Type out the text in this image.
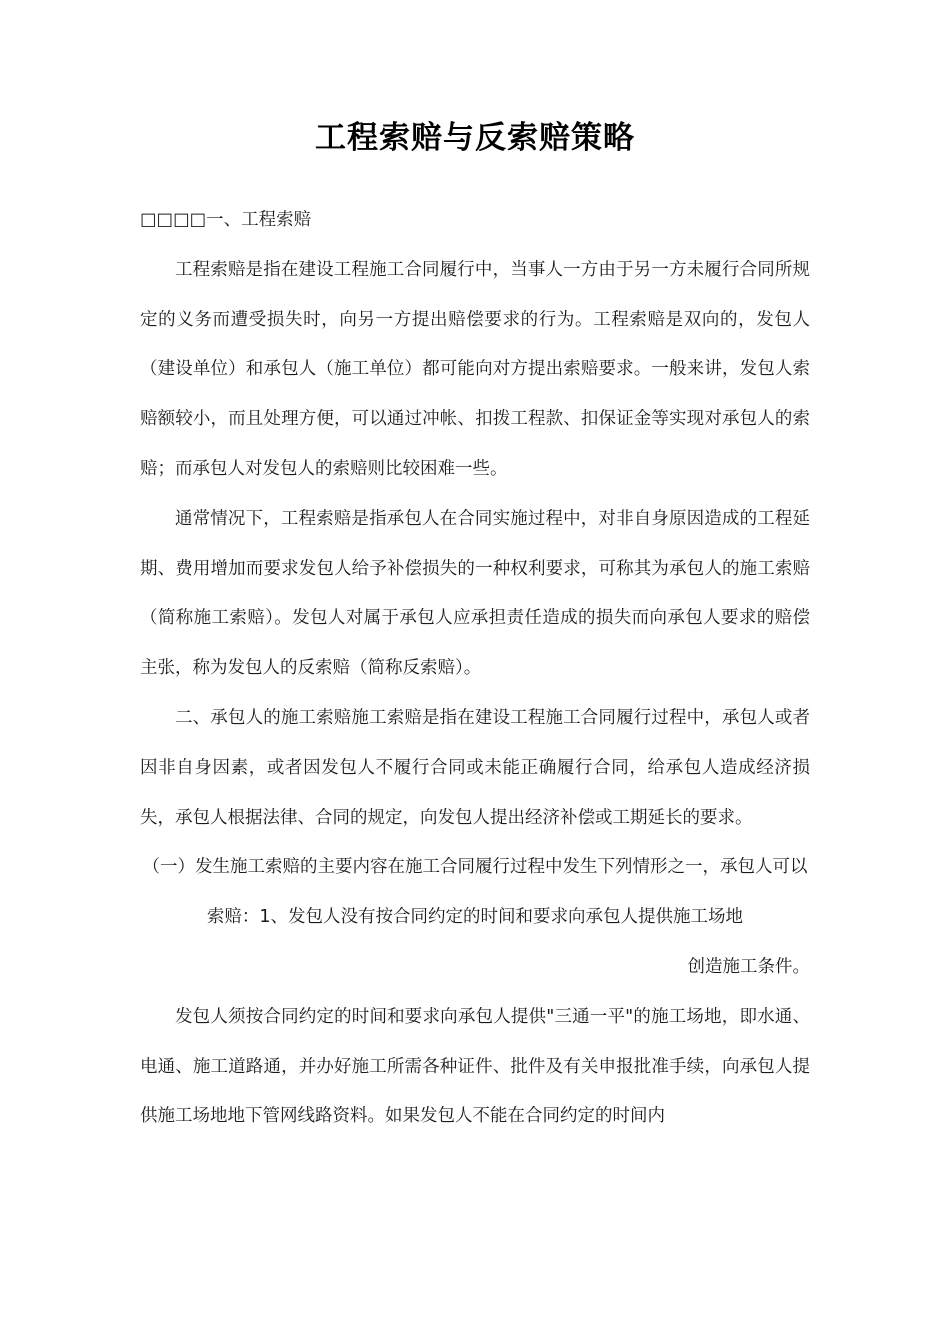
工程索赔与反索赔策略

□□□□一、工程索赔

工程索赔是指在建设工程施工合同履行中，当事人一方由于另一方未履行合同所规定的义务而遭受损失时，向另一方提出赔偿要求的行为。工程索赔是双向的，发包人（建设单位）和承包人（施工单位）都可能向对方提出索赔要求。一般来讲，发包人索赔额较小，而且处理方便，可以通过冲帐、扣拨工程款、扣保证金等实现对承包人的索赔；而承包人对发包人的索赔则比较困难一些。

通常情况下，工程索赔是指承包人在合同实施过程中，对非自身原因造成的工程延期、费用增加而要求发包人给予补偿损失的一种权利要求，可称其为承包人的施工索赔（简称施工索赔）。发包人对属于承包人应承担责任造成的损失而向承包人要求的赔偿主张，称为发包人的反索赔（简称反索赔）。

二、承包人的施工索赔施工索赔是指在建设工程施工合同履行过程中，承包人或者因非自身因素，或者因发包人不履行合同或未能正确履行合同，给承包人造成经济损失，承包人根据法律、合同的规定，向发包人提出经济补偿或工期延长的要求。

（一）发生施工索赔的主要内容在施工合同履行过程中发生下列情形之一，承包人可以索赔：1、发包人没有按合同约定的时间和要求向承包人提供施工场地

创造施工条件。

发包人须按合同约定的时间和要求向承包人提供"三通一平"的施工场地，即水通、电通、施工道路通，并办好施工所需各种证件、批件及有关申报批准手续，向承包人提供施工场地地下管网线路资料。如果发包人不能在合同约定的时间内
